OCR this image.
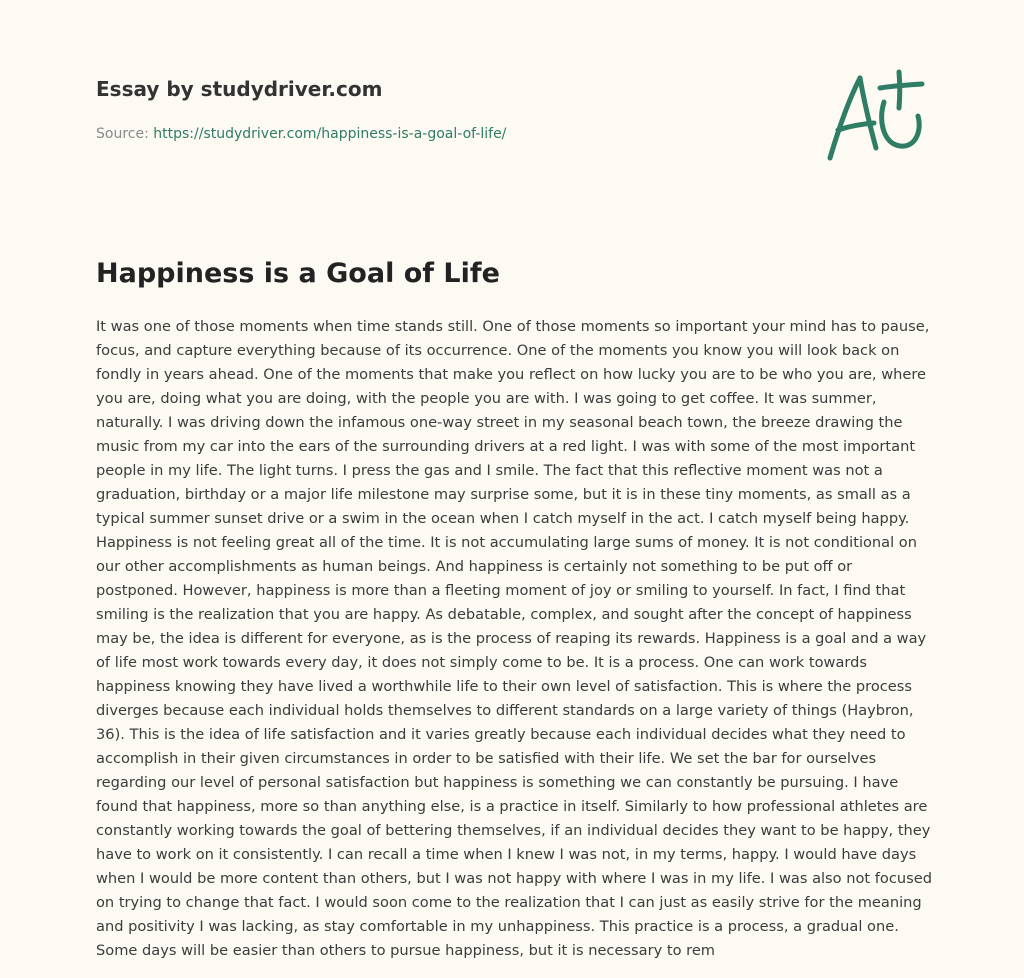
Essay by studydriver.com
Source: https://studydriver.com/happiness-is-a-goal-of-life/
Happiness is a Goal of Life

It was one of those moments when time stands still. One of those moments so important your mind has to pause, focus, and capture everything because of its occurrence. One of the moments you know you will look back on fondly in years ahead. One of the moments that make you reflect on how lucky you are to be who you are, where you are, doing what you are doing, with the people you are with. I was going to get coffee. It was summer, naturally. I was driving down the infamous one-way street in my seasonal beach town, the breeze drawing the music from my car into the ears of the surrounding drivers at a red light. I was with some of the most important people in my life. The light turns. I press the gas and I smile. The fact that this reflective moment was not a graduation, birthday or a major life milestone may surprise some, but it is in these tiny moments, as small as a typical summer sunset drive or a swim in the ocean when I catch myself in the act. I catch myself being happy. Happiness is not feeling great all of the time. It is not accumulating large sums of money. It is not conditional on our other accomplishments as human beings. And happiness is certainly not something to be put off or postponed. However, happiness is more than a fleeting moment of joy or smiling to yourself. In fact, I find that smiling is the realization that you are happy. As debatable, complex, and sought after the concept of happiness may be, the idea is different for everyone, as is the process of reaping its rewards. Happiness is a goal and a way of life most work towards every day, it does not simply come to be. It is a process. One can work towards happiness knowing they have lived a worthwhile life to their own level of satisfaction. This is where the process diverges because each individual holds themselves to different standards on a large variety of things (Haybron, 36). This is the idea of life satisfaction and it varies greatly because each individual decides what they need to accomplish in their given circumstances in order to be satisfied with their life. We set the bar for ourselves regarding our level of personal satisfaction but happiness is something we can constantly be pursuing. I have found that happiness, more so than anything else, is a practice in itself. Similarly to how professional athletes are constantly working towards the goal of bettering themselves, if an individual decides they want to be happy, they have to work on it consistently. I can recall a time when I knew I was not, in my terms, happy. I would have days when I would be more content than others, but I was not happy with where I was in my life. I was also not focused on trying to change that fact. I would soon come to the realization that I can just as easily strive for the meaning and positivity I was lacking, as stay comfortable in my unhappiness. This practice is a process, a gradual one. Some days will be easier than others to pursue happiness, but it is necessary to rem
